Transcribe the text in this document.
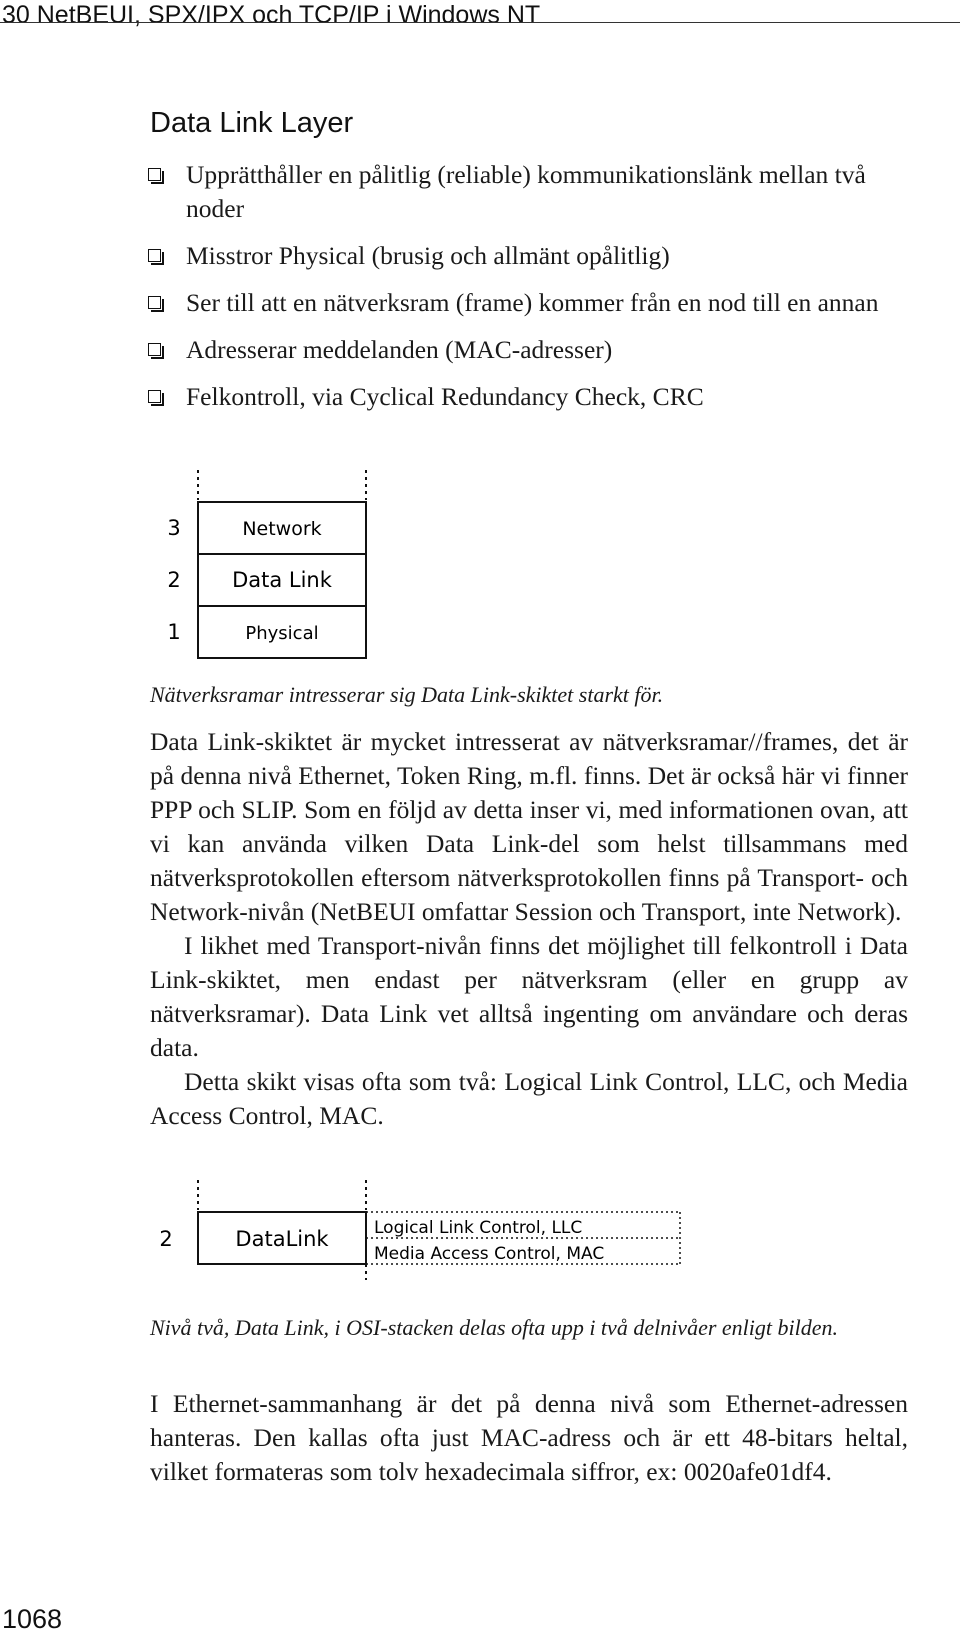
30 NetBEUI, SPX/IPX och TCP/IP i Windows NT
Data Link Layer
Upprätthåller en pålitlig (reliable) kommunikationslänk mellan två noder
Misstror Physical (brusig och allmänt opålitlig)
Ser till att en nätverksram (frame) kommer från en nod till en annan
Adresserar meddelanden (MAC-adresser)
Felkontroll, via Cyclical Redundancy Check, CRC
3
2
1
Network
Data Link
Physical

Nätverksramar intresserar sig Data Link-skiktet starkt för.

Data Link-skiktet är mycket intresserat av nätverksramar//frames, det är på denna nivå Ethernet, Token Ring, m.fl. finns. Det är också här vi finner PPP och SLIP. Som en följd av detta inser vi, med informationen ovan, att vi kan använda vilken Data Link-del som helst tillsammans med nätverksprotokollen eftersom nätverksprotokollen finns på Transport- och Network-nivån (NetBEUI omfattar Session och Transport, inte Network).
I likhet med Transport-nivån finns det möjlighet till felkontroll i Data Link-skiktet, men endast per nätverksram (eller en grupp av nätverksramar). Data Link vet alltså ingenting om användare och deras data.
Detta skikt visas ofta som två: Logical Link Control, LLC, och Media Access Control, MAC.
2	DataLink	Logical Link Control, LLC
Media Access Control, MAC

Nivå två, Data Link, i OSI-stacken delas ofta upp i två delnivåer enligt bilden.

I Ethernet-sammanhang är det på denna nivå som Ethernet-adressen hanteras. Den kallas ofta just MAC-adress och är ett 48-bitars heltal, vilket formateras som tolv hexadecimala siffror, ex: 0020afe01df4.

1068
